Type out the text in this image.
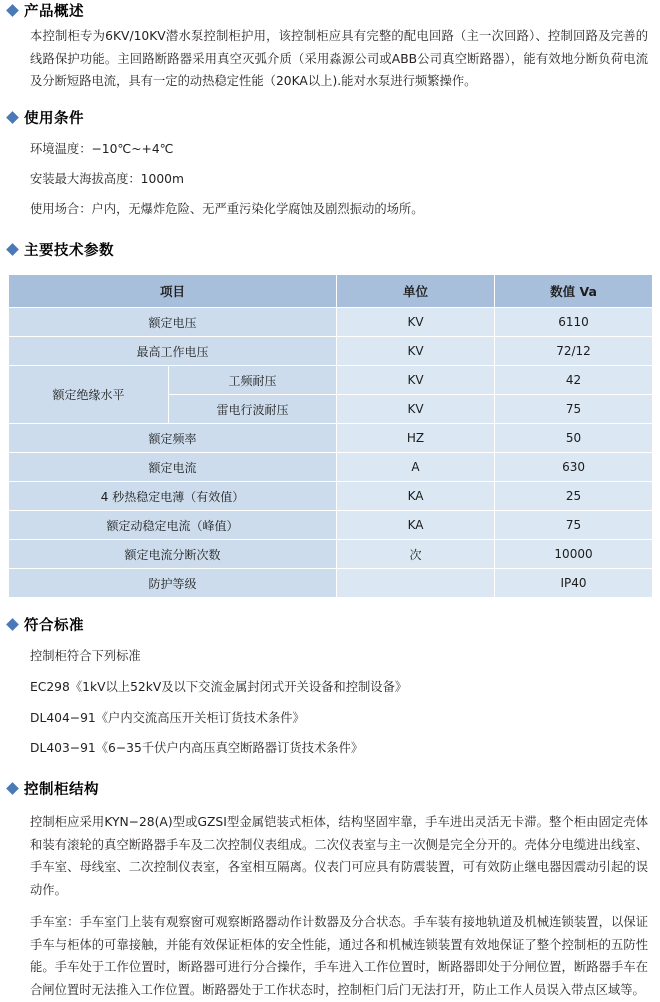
产品概述

本控制柜专为6KV/10KV潜水泵控制柜护用，该控制柜应具有完整的配电回路（主一次回路）、控制回路及完善的线路保护功能。主回路断路器采用真空灭弧介质（采用淼源公司或ABB公司真空断路器），能有效地分断负荷电流及分断短路电流，具有一定的动热稳定性能（20KA以上).能对水泵进行频繁操作。

使用条件
环境温度：−10℃~+4℃
安装最大海拔高度：1000m
使用场合：户内，无爆炸危险、无严重污染化学腐蚀及剧烈振动的场所。
主要技术参数
项目		单位	数值 Va
额定电压		KV	6110
最高工作电压		KV	72/12
额定绝缘水平	工频耐压	KV	42
	雷电行波耐压	KV	75
额定频率		HZ	50
额定电流		A	630
4 秒热稳定电薄（有效值）		KA	25
额定动稳定电流（峰值）		KA	75
额定电流分断次数		次	10000
防护等级			IP40
符合标准
控制柜符合下列标准
EC298《1kV以上52kV及以下交流金属封闭式开关设备和控制设备》
DL404−91《户内交流高压开关柜订货技术条件》
DL403−91《6−35千伏户内高压真空断路器订货技术条件》
控制柜结构

控制柜应采用KYN−28(A)型或GZSI型金属铠装式柜体，结构坚固牢靠，手车进出灵活无卡滞。整个柜由固定壳体和装有滚轮的真空断路器手车及二次控制仪表组成。二次仪表室与主一次侧是完全分开的。壳体分电缆进出线室、手车室、母线室、二次控制仪表室，各室相互隔离。仪表门可应具有防震装置，可有效防止继电器因震动引起的误动作。

手车室：手车室门上装有观察窗可观察断路器动作计数器及分合状态。手车装有接地轨道及机械连锁装置，以保证手车与柜体的可靠接触，并能有效保证柜体的安全性能，通过各和机械连锁装置有效地保证了整个控制柜的五防性能。手车处于工作位置时，断路器可进行分合操作，手车进入工作位置时，断路器即处于分闸位置，断路器手车在合闸位置时无法推入工作位置。断路器处于工作状态时，控制柜门后门无法打开，防止工作人员误入带点区域等。
